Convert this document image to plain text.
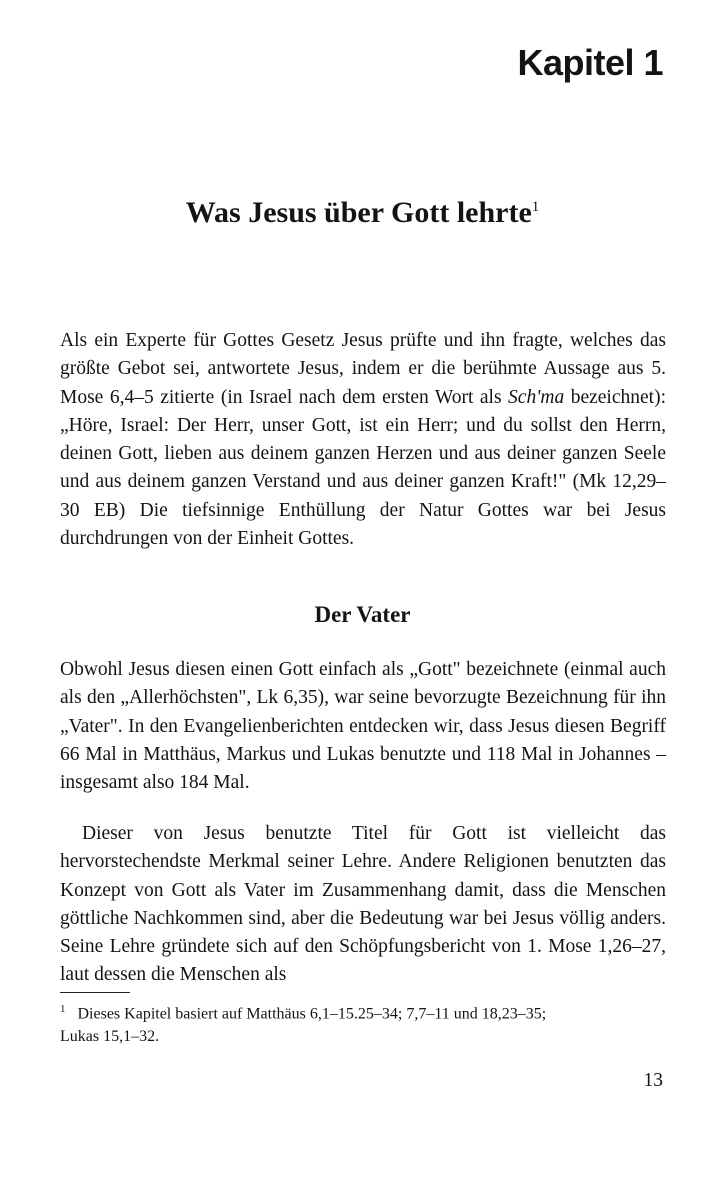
Kapitel 1
Was Jesus über Gott lehrte$^1$

Als ein Experte für Gottes Gesetz Jesus prüfte und ihn fragte, welches das größte Gebot sei, antwortete Jesus, indem er die berühmte Aussage aus 5. Mose 6,4–5 zitierte (in Israel nach dem ersten Wort als Sch'ma bezeichnet): „Höre, Israel: Der Herr, unser Gott, ist ein Herr; und du sollst den Herrn, deinen Gott, lieben aus deinem ganzen Herzen und aus deiner ganzen Seele und aus deinem ganzen Verstand und aus deiner ganzen Kraft!" (Mk 12,29–30 EB) Die tiefsinnige Enthüllung der Natur Gottes war bei Jesus durchdrungen von der Einheit Gottes.

Der Vater

Obwohl Jesus diesen einen Gott einfach als „Gott" bezeichnete (einmal auch als den „Allerhöchsten", Lk 6,35), war seine bevorzugte Bezeichnung für ihn „Vater". In den Evangelienberichten entdecken wir, dass Jesus diesen Begriff 66 Mal in Matthäus, Markus und Lukas benutzte und 118 Mal in Johannes – insgesamt also 184 Mal.

Dieser von Jesus benutzte Titel für Gott ist vielleicht das hervorstechendste Merkmal seiner Lehre. Andere Religionen benutzten das Konzept von Gott als Vater im Zusammenhang damit, dass die Menschen göttliche Nachkommen sind, aber die Bedeutung war bei Jesus völlig anders. Seine Lehre gründete sich auf den Schöpfungsbericht von 1. Mose 1,26–27, laut dessen die Menschen als

$^1$ Dieses Kapitel basiert auf Matthäus 6,1–15.25–34; 7,7–11 und 18,23–35;
Lukas 15,1–32.
13
